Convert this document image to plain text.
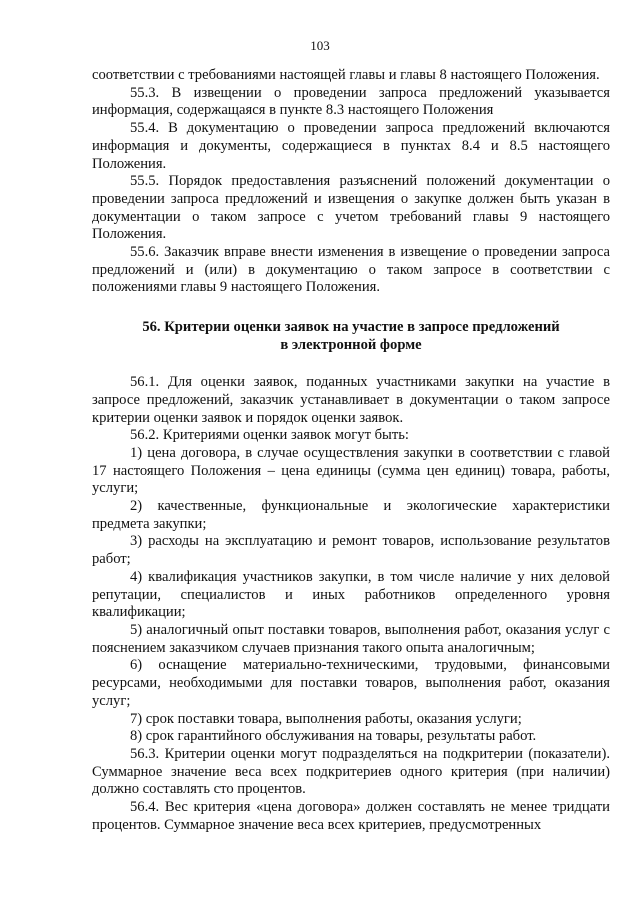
103

соответствии с требованиями настоящей главы и главы 8 настоящего Положения.

55.3. В извещении о проведении запроса предложений указывается информация, содержащаяся в пункте 8.3 настоящего Положения

55.4. В документацию о проведении запроса предложений включаются информация и документы, содержащиеся в пунктах 8.4 и 8.5 настоящего Положения.

55.5. Порядок предоставления разъяснений положений документации о проведении запроса предложений и извещения о закупке должен быть указан в документации о таком запросе с учетом требований главы 9 настоящего Положения.

55.6. Заказчик вправе внести изменения в извещение о проведении запроса предложений и (или) в документацию о таком запросе в соответствии с положениями главы 9 настоящего Положения.

56. Критерии оценки заявок на участие в запросе предложений
в электронной форме

56.1. Для оценки заявок, поданных участниками закупки на участие в запросе предложений, заказчик устанавливает в документации о таком запросе критерии оценки заявок и порядок оценки заявок.

56.2. Критериями оценки заявок могут быть:

1) цена договора, в случае осуществления закупки в соответствии с главой 17 настоящего Положения – цена единицы (сумма цен единиц) товара, работы, услуги;

2) качественные, функциональные и экологические характеристики предмета закупки;

3) расходы на эксплуатацию и ремонт товаров, использование результатов работ;

4) квалификация участников закупки, в том числе наличие у них деловой репутации, специалистов и иных работников определенного уровня квалификации;

5) аналогичный опыт поставки товаров, выполнения работ, оказания услуг с пояснением заказчиком случаев признания такого опыта аналогичным;

6) оснащение материально-техническими, трудовыми, финансовыми ресурсами, необходимыми для поставки товаров, выполнения работ, оказания услуг;

7) срок поставки товара, выполнения работы, оказания услуги;

8) срок гарантийного обслуживания на товары, результаты работ.

56.3. Критерии оценки могут подразделяться на подкритерии (показатели). Суммарное значение веса всех подкритериев одного критерия (при наличии) должно составлять сто процентов.

56.4. Вес критерия «цена договора» должен составлять не менее тридцати процентов. Суммарное значение веса всех критериев, предусмотренных
